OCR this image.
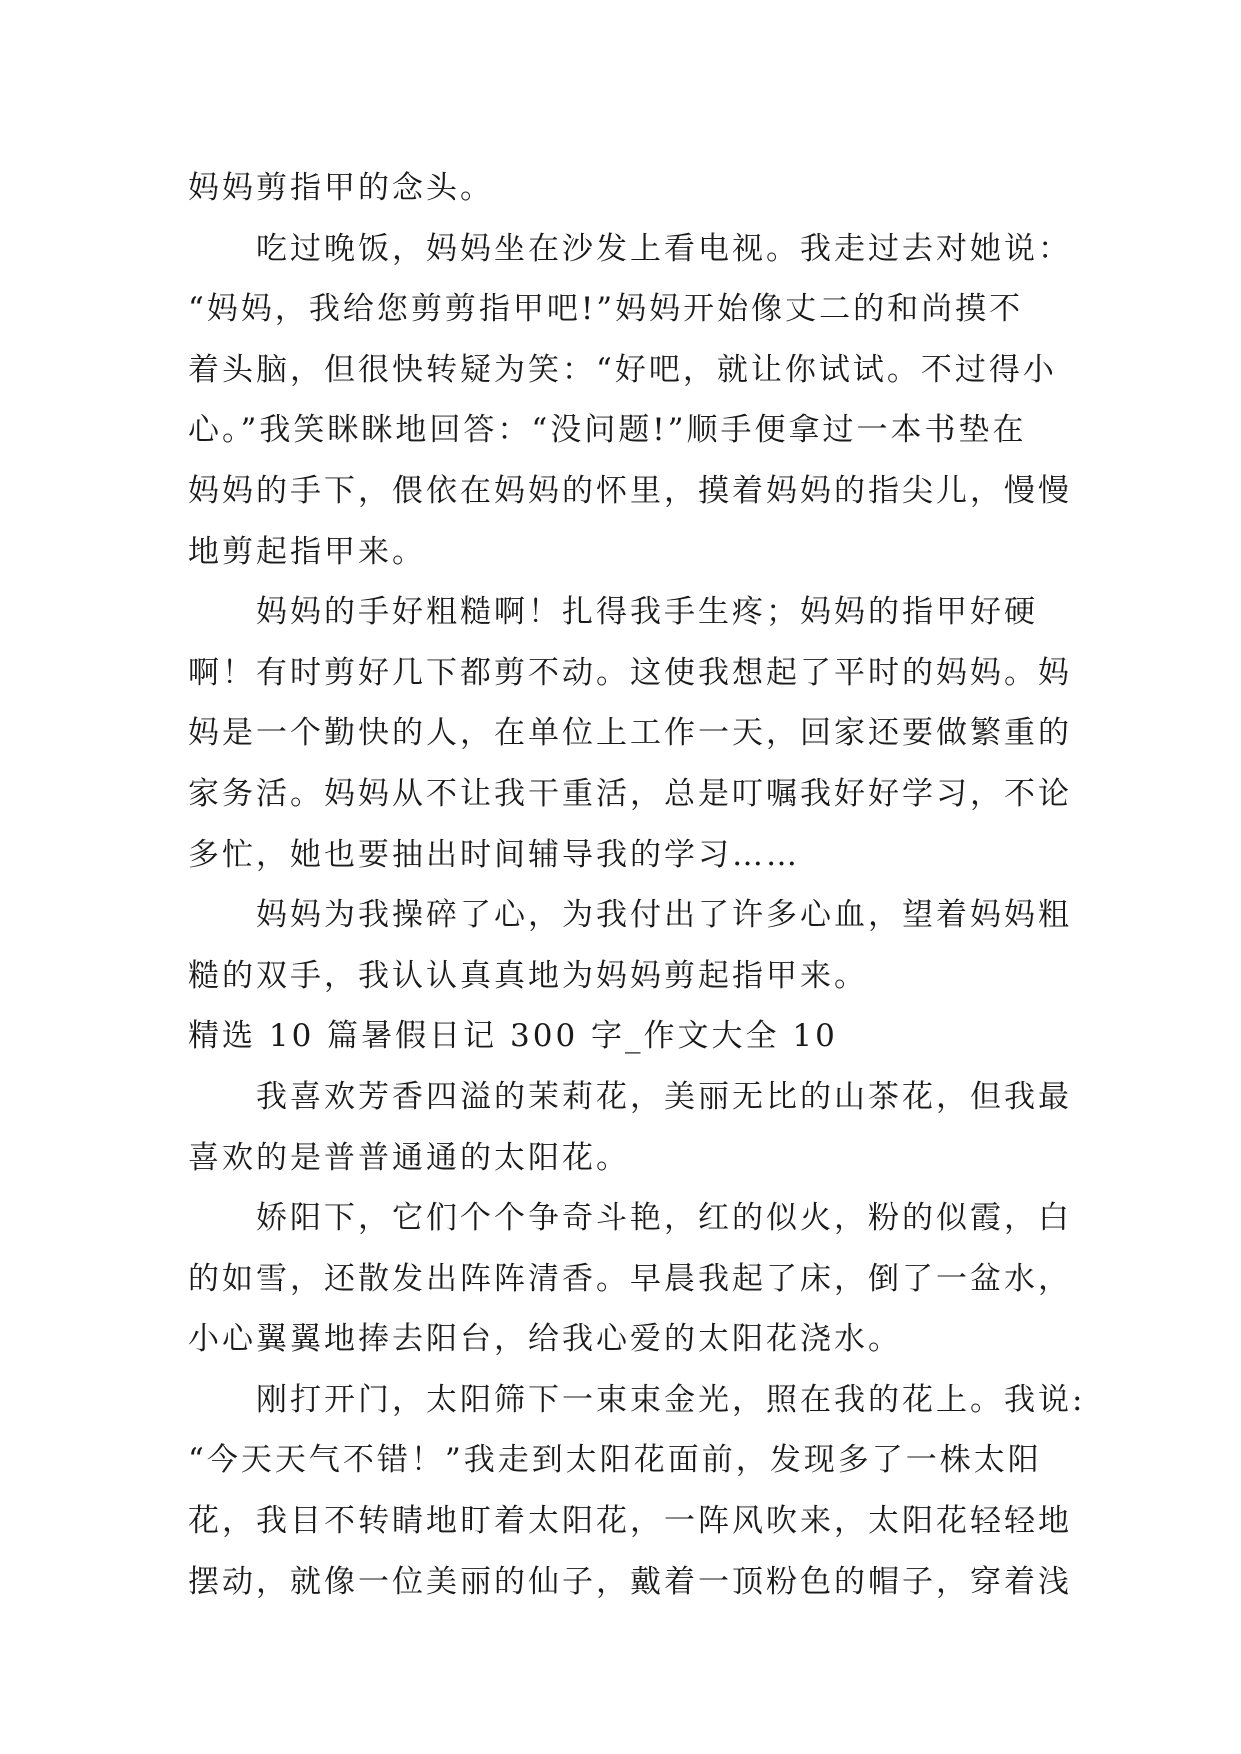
妈妈剪指甲的念头。
吃过晚饭，妈妈坐在沙发上看电视。我走过去对她说：
“妈妈，我给您剪剪指甲吧!”妈妈开始像丈二的和尚摸不
着头脑，但很快转疑为笑：“好吧，就让你试试。不过得小
心。”我笑眯眯地回答：“没问题!”顺手便拿过一本书垫在
妈妈的手下，偎依在妈妈的怀里，摸着妈妈的指尖儿，慢慢
地剪起指甲来。
妈妈的手好粗糙啊！扎得我手生疼；妈妈的指甲好硬
啊！有时剪好几下都剪不动。这使我想起了平时的妈妈。妈
妈是一个勤快的人，在单位上工作一天，回家还要做繁重的
家务活。妈妈从不让我干重活，总是叮嘱我好好学习，不论
多忙，她也要抽出时间辅导我的学习……
妈妈为我操碎了心，为我付出了许多心血，望着妈妈粗
糙的双手，我认认真真地为妈妈剪起指甲来。
精选 10 篇暑假日记 300 字_作文大全 10
我喜欢芳香四溢的茉莉花，美丽无比的山茶花，但我最
喜欢的是普普通通的太阳花。
娇阳下，它们个个争奇斗艳，红的似火，粉的似霞，白
的如雪，还散发出阵阵清香。早晨我起了床，倒了一盆水，
小心翼翼地捧去阳台，给我心爱的太阳花浇水。
刚打开门，太阳筛下一束束金光，照在我的花上。我说:
“今天天气不错！”我走到太阳花面前，发现多了一株太阳
花，我目不转睛地盯着太阳花，一阵风吹来，太阳花轻轻地
摆动，就像一位美丽的仙子，戴着一顶粉色的帽子，穿着浅
